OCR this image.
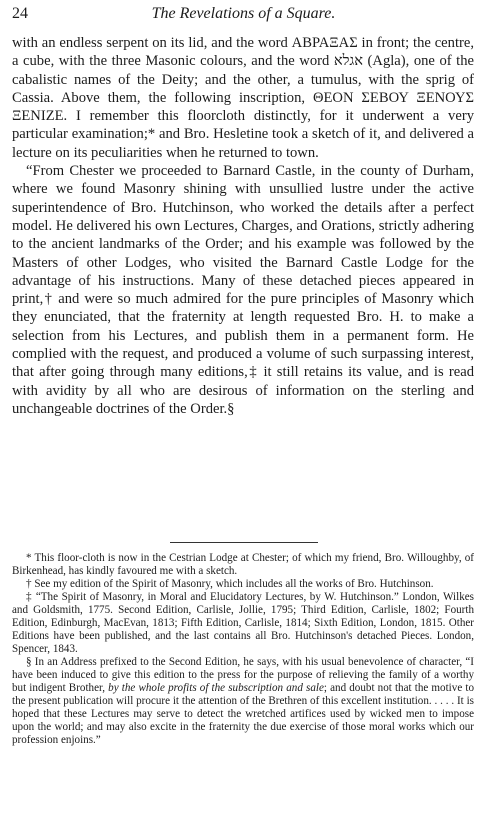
24	The Revelations of a Square.

with an endless serpent on its lid, and the word ΑΒΡΑΞΑΣ in front; the centre, a cube, with the three Masonic colours, and the word אגלא (Agla), one of the cabalistic names of the Deity; and the other, a tumulus, with the sprig of Cassia. Above them, the following inscription, ΘΕΟΝ ΣΕΒΟΥ ΞΕΝΟΥΣ ΞΕΝΙΖΕ. I remember this floorcloth distinctly, for it underwent a very particular examination;* and Bro. Hesletine took a sketch of it, and delivered a lecture on its peculiarities when he returned to town.

“From Chester we proceeded to Barnard Castle, in the county of Durham, where we found Masonry shining with unsullied lustre under the active superintendence of Bro. Hutchinson, who worked the details after a perfect model. He delivered his own Lectures, Charges, and Orations, strictly adhering to the ancient landmarks of the Order; and his example was followed by the Masters of other Lodges, who visited the Barnard Castle Lodge for the advantage of his instructions. Many of these detached pieces appeared in print,† and were so much admired for the pure principles of Masonry which they enunciated, that the fraternity at length requested Bro. H. to make a selection from his Lectures, and publish them in a permanent form. He complied with the request, and produced a volume of such surpassing interest, that after going through many editions,‡ it still retains its value, and is read with avidity by all who are desirous of information on the sterling and unchangeable doctrines of the Order.§

* This floor-cloth is now in the Cestrian Lodge at Chester; of which my friend, Bro. Willoughby, of Birkenhead, has kindly favoured me with a sketch.

† See my edition of the Spirit of Masonry, which includes all the works of Bro. Hutchinson.

‡ “The Spirit of Masonry, in Moral and Elucidatory Lectures, by W. Hutchinson.” London, Wilkes and Goldsmith, 1775. Second Edition, Carlisle, Jollie, 1795; Third Edition, Carlisle, 1802; Fourth Edition, Edinburgh, MacEvan, 1813; Fifth Edition, Carlisle, 1814; Sixth Edition, London, 1815. Other Editions have been published, and the last contains all Bro. Hutchinson's detached Pieces. London, Spencer, 1843.

§ In an Address prefixed to the Second Edition, he says, with his usual benevolence of character, “I have been induced to give this edition to the press for the purpose of relieving the family of a worthy but indigent Brother, by the whole profits of the subscription and sale; and doubt not that the motive to the present publication will procure it the attention of the Brethren of this excellent institution. . . . . It is hoped that these Lectures may serve to detect the wretched artifices used by wicked men to impose upon the world; and may also excite in the fraternity the due exercise of those moral works which our profession enjoins.”
